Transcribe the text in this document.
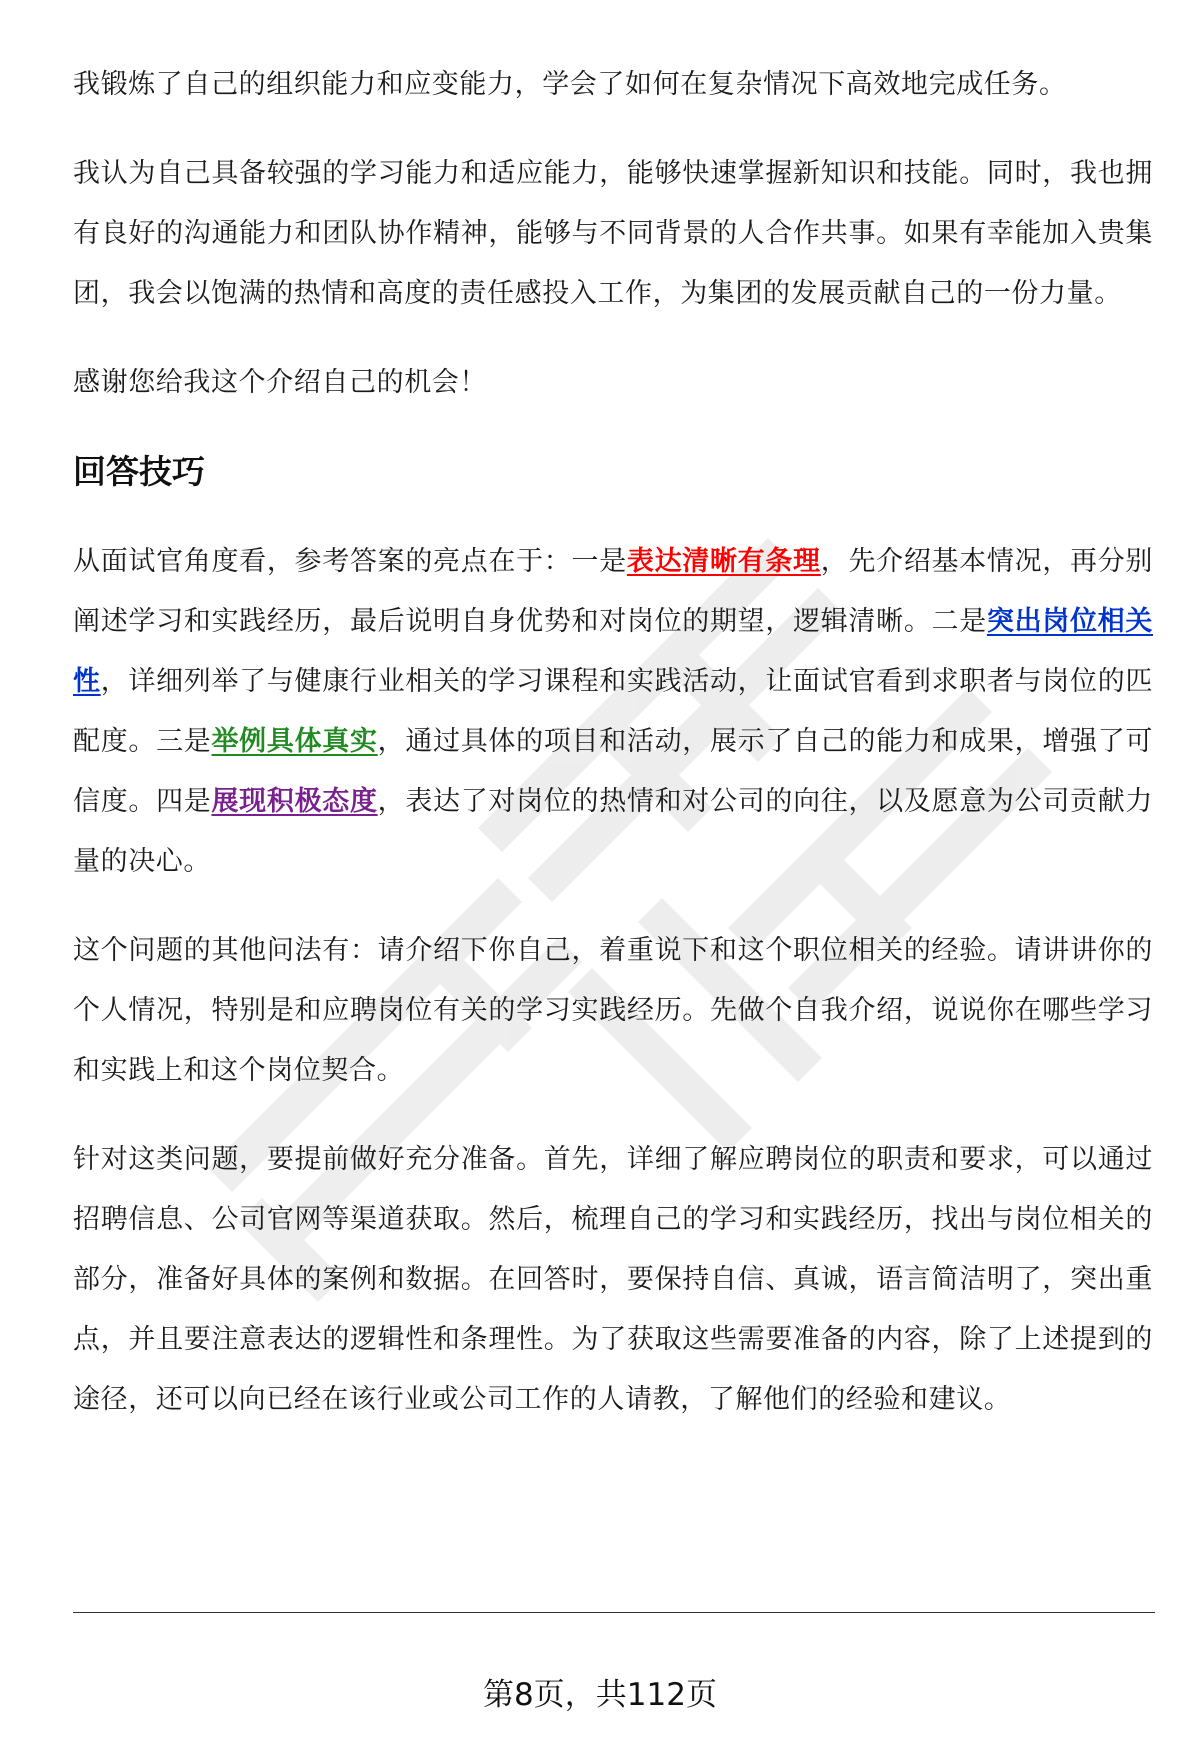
我锻炼了自己的组织能力和应变能力，学会了如何在复杂情况下高效地完成任务。

我认为自己具备较强的学习能力和适应能力，能够快速掌握新知识和技能。同时，我也拥有良好的沟通能力和团队协作精神，能够与不同背景的人合作共事。如果有幸能加入贵集团，我会以饱满的热情和高度的责任感投入工作，为集团的发展贡献自己的一份力量。

感谢您给我这个介绍自己的机会！

回答技巧

从面试官角度看，参考答案的亮点在于：一是表达清晰有条理，先介绍基本情况，再分别阐述学习和实践经历，最后说明自身优势和对岗位的期望，逻辑清晰。二是突出岗位相关性，详细列举了与健康行业相关的学习课程和实践活动，让面试官看到求职者与岗位的匹配度。三是举例具体真实，通过具体的项目和活动，展示了自己的能力和成果，增强了可信度。四是展现积极态度，表达了对岗位的热情和对公司的向往，以及愿意为公司贡献力量的决心。

这个问题的其他问法有：请介绍下你自己，着重说下和这个职位相关的经验。请讲讲你的个人情况，特别是和应聘岗位有关的学习实践经历。先做个自我介绍，说说你在哪些学习和实践上和这个岗位契合。

针对这类问题，要提前做好充分准备。首先，详细了解应聘岗位的职责和要求，可以通过招聘信息、公司官网等渠道获取。然后，梳理自己的学习和实践经历，找出与岗位相关的部分，准备好具体的案例和数据。在回答时，要保持自信、真诚，语言简洁明了，突出重点，并且要注意表达的逻辑性和条理性。为了获取这些需要准备的内容，除了上述提到的途径，还可以向已经在该行业或公司工作的人请教，了解他们的经验和建议。

第8页，共112页
